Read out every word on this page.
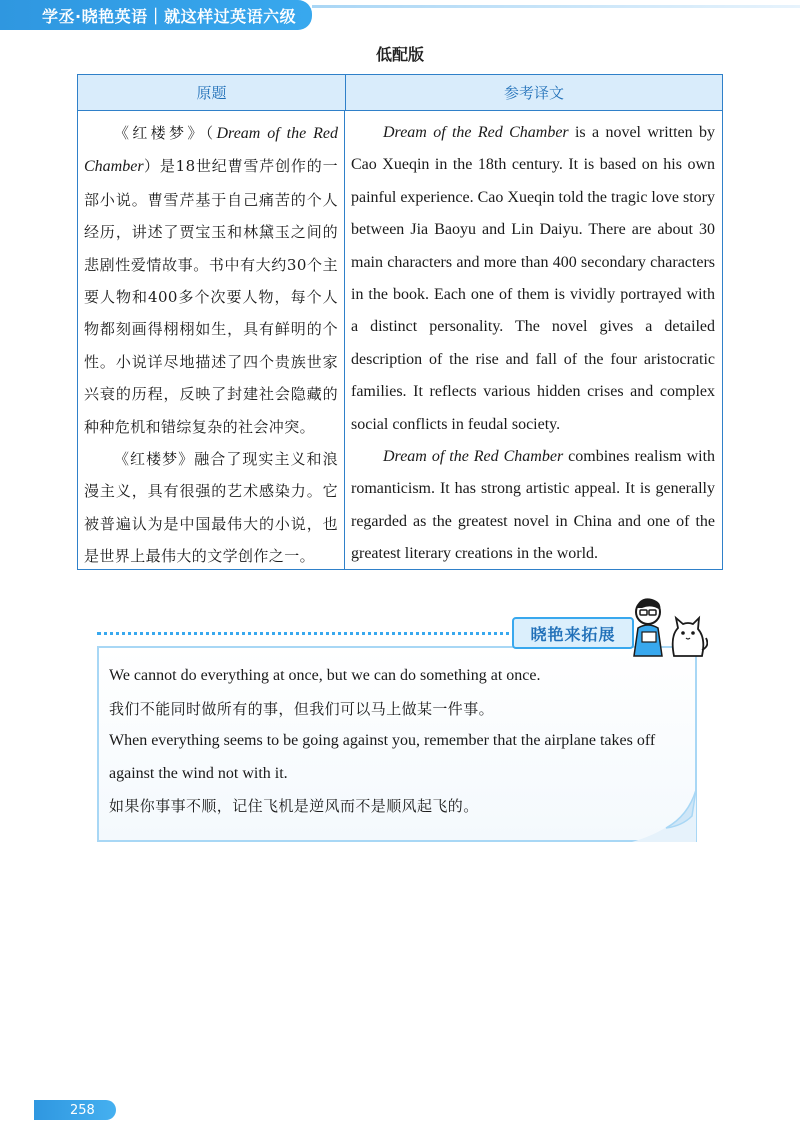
学丞·晓艳英语｜就这样过英语六级
低配版
原题	参考译文

《红楼梦》（Dream of the Red Chamber）是18世纪曹雪芹创作的一部小说。曹雪芹基于自己痛苦的个人经历，讲述了贾宝玉和林黛玉之间的悲剧性爱情故事。书中有大约30个主要人物和400多个次要人物，每个人物都刻画得栩栩如生，具有鲜明的个性。小说详尽地描述了四个贵族世家兴衰的历程，反映了封建社会隐藏的种种危机和错综复杂的社会冲突。

《红楼梦》融合了现实主义和浪漫主义，具有很强的艺术感染力。它被普遍认为是中国最伟大的小说，也是世界上最伟大的文学创作之一。

Dream of the Red Chamber is a novel written by Cao Xueqin in the 18th century. It is based on his own painful experience. Cao Xueqin told the tragic love story between Jia Baoyu and Lin Daiyu. There are about 30 main characters and more than 400 secondary characters in the book. Each one of them is vividly portrayed with a distinct personality. The novel gives a detailed description of the rise and fall of the four aristocratic families. It reflects various hidden crises and complex social conflicts in feudal society.

Dream of the Red Chamber combines realism with romanticism. It has strong artistic appeal. It is generally regarded as the greatest novel in China and one of the greatest literary creations in the world.

晓艳来拓展

We cannot do everything at once, but we can do something at once.

我们不能同时做所有的事，但我们可以马上做某一件事。

When everything seems to be going against you, remember that the airplane takes off

against the wind not with it.

如果你事事不顺，记住飞机是逆风而不是顺风起飞的。

258
